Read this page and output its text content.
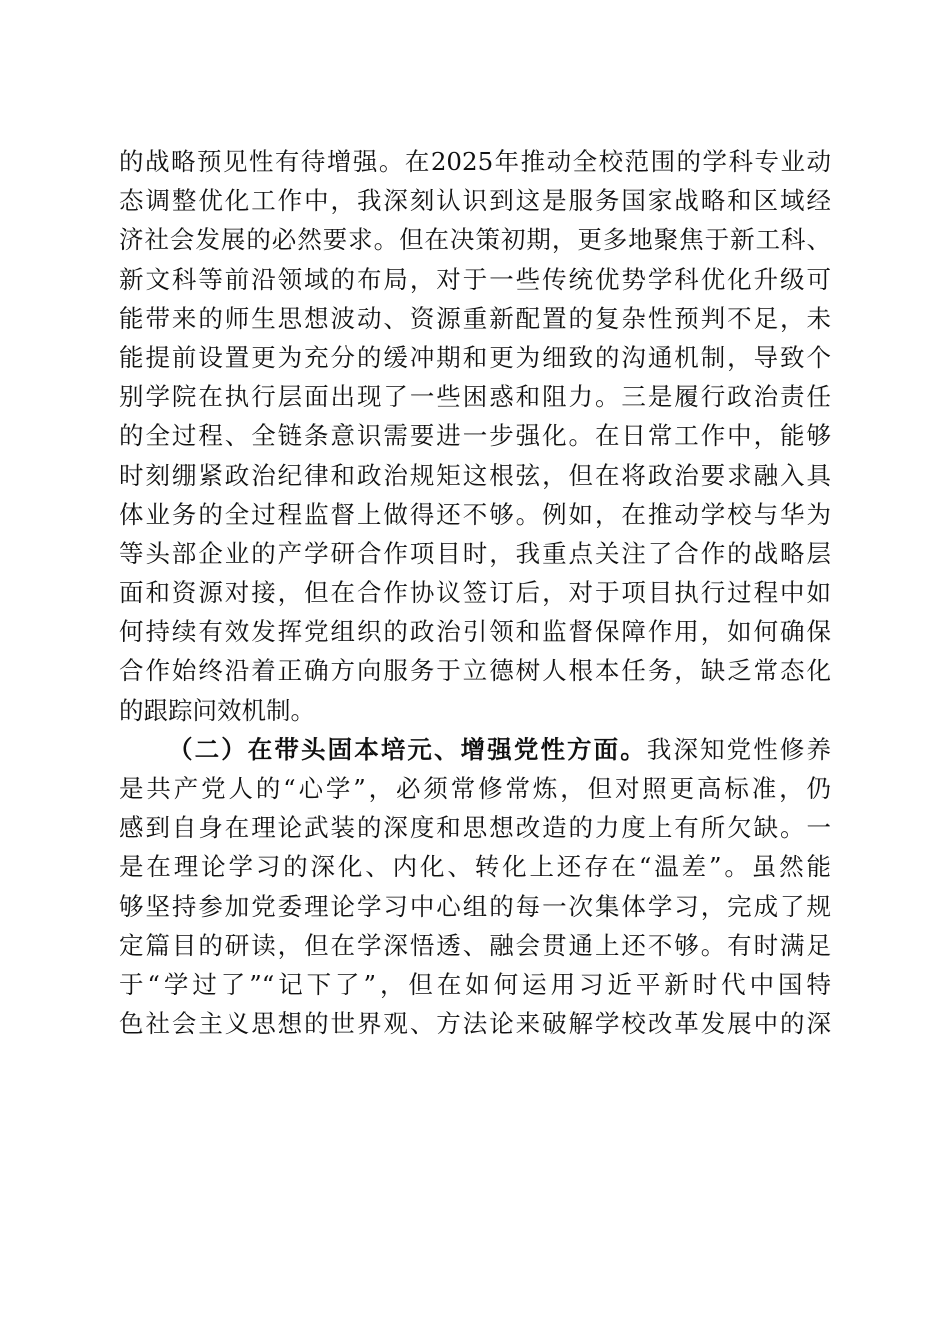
的战略预见性有待增强。在2025年推动全校范围的学科专业动
态调整优化工作中，我深刻认识到这是服务国家战略和区域经
济社会发展的必然要求。但在决策初期，更多地聚焦于新工科、
新文科等前沿领域的布局，对于一些传统优势学科优化升级可
能带来的师生思想波动、资源重新配置的复杂性预判不足，未
能提前设置更为充分的缓冲期和更为细致的沟通机制，导致个
别学院在执行层面出现了一些困惑和阻力。三是履行政治责任
的全过程、全链条意识需要进一步强化。在日常工作中，能够
时刻绷紧政治纪律和政治规矩这根弦，但在将政治要求融入具
体业务的全过程监督上做得还不够。例如，在推动学校与华为
等头部企业的产学研合作项目时，我重点关注了合作的战略层
面和资源对接，但在合作协议签订后，对于项目执行过程中如
何持续有效发挥党组织的政治引领和监督保障作用，如何确保
合作始终沿着正确方向服务于立德树人根本任务，缺乏常态化
的跟踪问效机制。
（二）在带头固本培元、增强党性方面。我深知党性修养
是共产党人的“心学”，必须常修常炼，但对照更高标准，仍
感到自身在理论武装的深度和思想改造的力度上有所欠缺。一
是在理论学习的深化、内化、转化上还存在“温差”。虽然能
够坚持参加党委理论学习中心组的每一次集体学习，完成了规
定篇目的研读，但在学深悟透、融会贯通上还不够。有时满足
于“学过了”“记下了”，但在如何运用习近平新时代中国特
色社会主义思想的世界观、方法论来破解学校改革发展中的深
